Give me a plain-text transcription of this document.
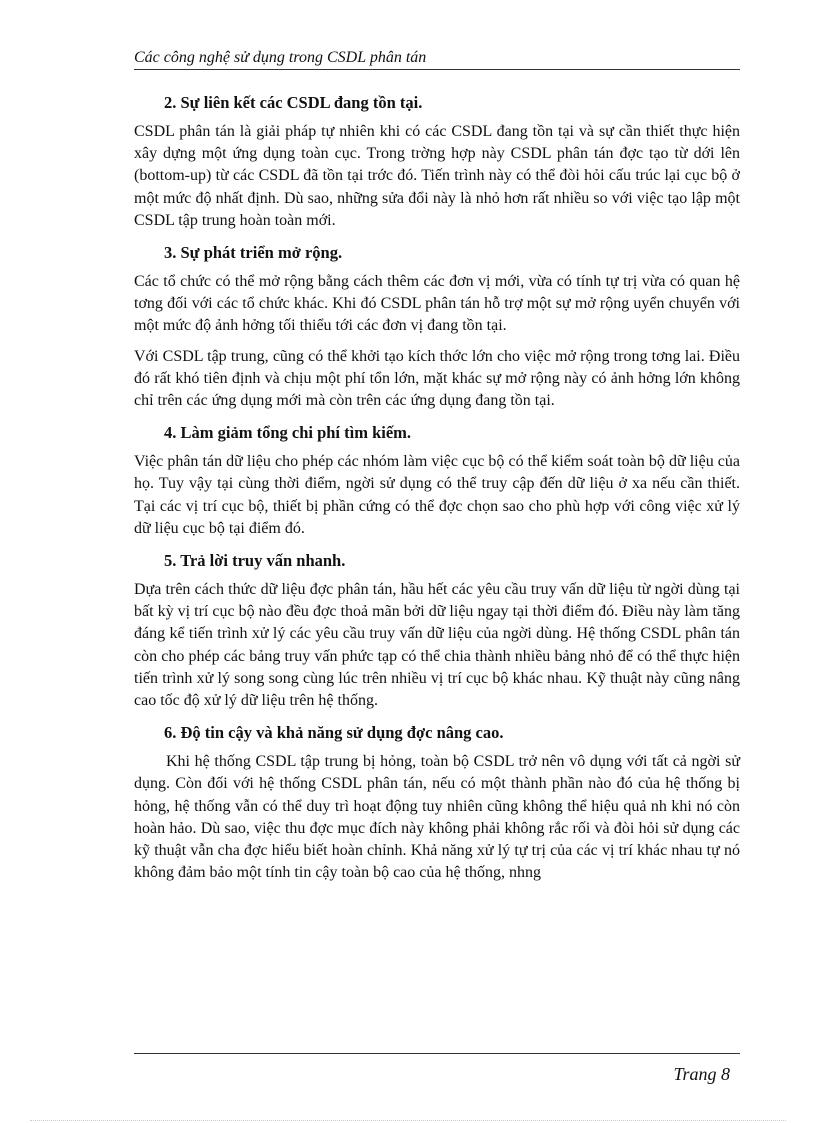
Các công nghệ sử dụng trong CSDL phân tán
2. Sự liên kết các CSDL đang tồn tại.

CSDL phân tán là giải pháp tự nhiên khi có các CSDL đang tồn tại và sự cần thiết thực hiện xây dựng một ứng dụng toàn cục. Trong trờng hợp này CSDL phân tán đợc tạo từ dới lên (bottom-up) từ các CSDL đã tồn tại trớc đó. Tiến trình này có thể đòi hỏi cấu trúc lại cục bộ ở một mức độ nhất định. Dù sao, những sửa đổi này là nhỏ hơn rất nhiều so với việc tạo lập một CSDL tập trung hoàn toàn mới.

3. Sự phát triển mở rộng.

Các tổ chức có thể mở rộng bằng cách thêm các đơn vị mới, vừa có tính tự trị vừa có quan hệ tơng đối với các tổ chức khác. Khi đó CSDL phân tán hỗ trợ một sự mở rộng uyển chuyển với một mức độ ảnh hởng tối thiểu tới các đơn vị đang tồn tại.

Với CSDL tập trung, cũng có thể khởi tạo kích thớc lớn cho việc mở rộng trong tơng lai. Điều đó rất khó tiên định và chịu một phí tổn lớn, mặt khác sự mở rộng này có ảnh hởng lớn không chỉ trên các ứng dụng mới mà còn trên các ứng dụng đang tồn tại.

4. Làm giảm tổng chi phí tìm kiếm.

Việc phân tán dữ liệu cho phép các nhóm làm việc cục bộ có thể kiểm soát toàn bộ dữ liệu của họ. Tuy vậy tại cùng thời điểm, ngời sử dụng có thể truy cập đến dữ liệu ở xa nếu cần thiết. Tại các vị trí cục bộ, thiết bị phần cứng có thể đợc chọn sao cho phù hợp với công việc xử lý dữ liệu cục bộ tại điểm đó.

5. Trả lời truy vấn nhanh.

Dựa trên cách thức dữ liệu đợc phân tán, hầu hết các yêu cầu truy vấn dữ liệu từ ngời dùng tại bất kỳ vị trí cục bộ nào đều đợc thoả mãn bởi dữ liệu ngay tại thời điểm đó. Điều này làm tăng đáng kể tiến trình xử lý các yêu cầu truy vấn dữ liệu của ngời dùng. Hệ thống CSDL phân tán còn cho phép các bảng truy vấn phức tạp có thể chia thành nhiều bảng nhỏ để có thể thực hiện tiến trình xử lý song song cùng lúc trên nhiều vị trí cục bộ khác nhau. Kỹ thuật này cũng nâng cao tốc độ xử lý dữ liệu trên hệ thống.

6. Độ tin cậy và khả năng sử dụng đợc nâng cao.

Khi hệ thống CSDL tập trung bị hỏng, toàn bộ CSDL trở nên vô dụng với tất cả ngời sử dụng. Còn đối với hệ thống CSDL phân tán, nếu có một thành phần nào đó của hệ thống bị hỏng, hệ thống vẫn có thể duy trì hoạt động tuy nhiên cũng không thể hiệu quả nh khi nó còn hoàn hảo. Dù sao, việc thu đợc mục đích này không phải không rắc rối và đòi hỏi sử dụng các kỹ thuật vẫn cha đợc hiểu biết hoàn chỉnh. Khả năng xử lý tự trị của các vị trí khác nhau tự nó không đảm bảo một tính tin cậy toàn bộ cao của hệ thống, nhng

Trang 8
